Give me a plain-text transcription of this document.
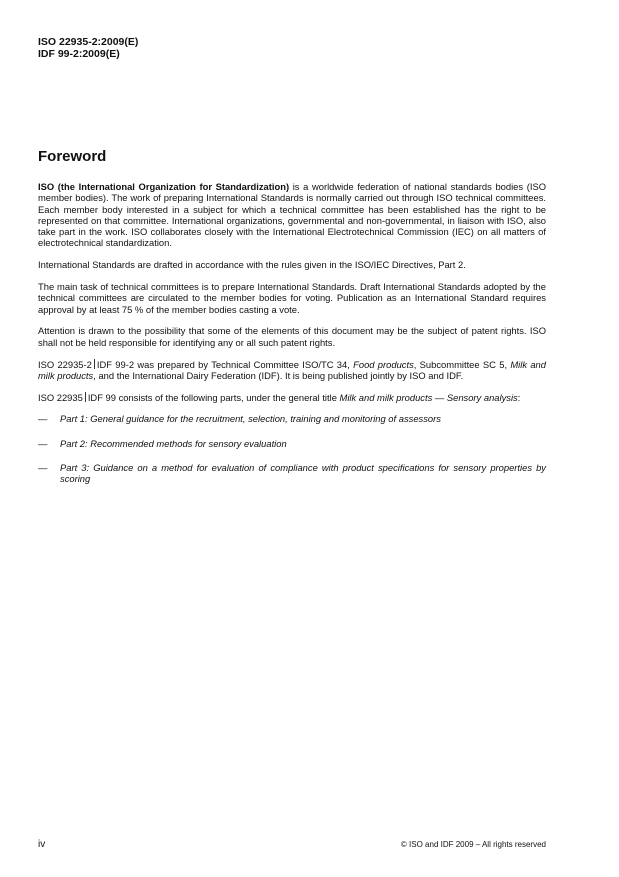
ISO 22935-2:2009(E)
IDF 99-2:2009(E)
Foreword

ISO (the International Organization for Standardization) is a worldwide federation of national standards bodies (ISO member bodies). The work of preparing International Standards is normally carried out through ISO technical committees. Each member body interested in a subject for which a technical committee has been established has the right to be represented on that committee. International organizations, governmental and non-governmental, in liaison with ISO, also take part in the work. ISO collaborates closely with the International Electrotechnical Commission (IEC) on all matters of electrotechnical standardization.

International Standards are drafted in accordance with the rules given in the ISO/IEC Directives, Part 2.

The main task of technical committees is to prepare International Standards. Draft International Standards adopted by the technical committees are circulated to the member bodies for voting. Publication as an International Standard requires approval by at least 75 % of the member bodies casting a vote.

Attention is drawn to the possibility that some of the elements of this document may be the subject of patent rights. ISO shall not be held responsible for identifying any or all such patent rights.

ISO 22935-2 IDF 99-2 was prepared by Technical Committee ISO/TC 34, Food products, Subcommittee SC 5, Milk and milk products, and the International Dairy Federation (IDF). It is being published jointly by ISO and IDF.

ISO 22935 IDF 99 consists of the following parts, under the general title Milk and milk products — Sensory analysis:

—	Part 1: General guidance for the recruitment, selection, training and monitoring of assessors
—	Part 2: Recommended methods for sensory evaluation
—	Part 3: Guidance on a method for evaluation of compliance with product specifications for sensory properties by scoring
iv	© ISO and IDF 2009 – All rights reserved
